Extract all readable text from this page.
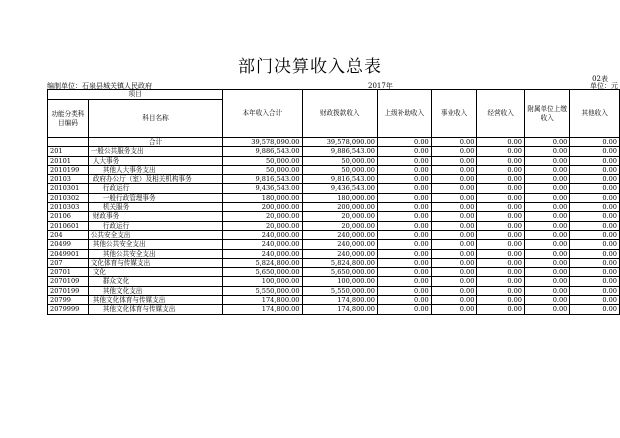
部门决算收入总表
02表
编制单位：石泉县城关镇人民政府	2017年	单位：元
项目		本年收入合计	财政拨款收入	上级补助收入	事业收入	经营收入	附属单位上缴收入	其他收入
功能分类科目编码	科目名称							

	合计	39,578,090.00	39,578,090.00	0.00	0.00	0.00	0.00	0.00
201	一般公共服务支出	9,886,543.00	9,886,543.00	0.00	0.00	0.00	0.00	0.00
20101	人大事务	50,000.00	50,000.00	0.00	0.00	0.00	0.00	0.00
2010199	其他人大事务支出	50,000.00	50,000.00	0.00	0.00	0.00	0.00	0.00
20103	政府办公厅（室）及相关机构事务	9,816,543.00	9,816,543.00	0.00	0.00	0.00	0.00	0.00
2010301	行政运行	9,436,543.00	9,436,543.00	0.00	0.00	0.00	0.00	0.00
2010302	一般行政管理事务	180,000.00	180,000.00	0.00	0.00	0.00	0.00	0.00
2010303	机关服务	200,000.00	200,000.00	0.00	0.00	0.00	0.00	0.00
20106	财政事务	20,000.00	20,000.00	0.00	0.00	0.00	0.00	0.00
2010601	行政运行	20,000.00	20,000.00	0.00	0.00	0.00	0.00	0.00
204	公共安全支出	240,000.00	240,000.00	0.00	0.00	0.00	0.00	0.00
20499	其他公共安全支出	240,000.00	240,000.00	0.00	0.00	0.00	0.00	0.00
2049901	其他公共安全支出	240,000.00	240,000.00	0.00	0.00	0.00	0.00	0.00
207	文化体育与传媒支出	5,824,800.00	5,824,800.00	0.00	0.00	0.00	0.00	0.00
20701	文化	5,650,000.00	5,650,000.00	0.00	0.00	0.00	0.00	0.00
2070109	群众文化	100,000.00	100,000.00	0.00	0.00	0.00	0.00	0.00
2070199	其他文化支出	5,550,000.00	5,550,000.00	0.00	0.00	0.00	0.00	0.00
20799	其他文化体育与传媒支出	174,800.00	174,800.00	0.00	0.00	0.00	0.00	0.00
2079999	其他文化体育与传媒支出	174,800.00	174,800.00	0.00	0.00	0.00	0.00	0.00
